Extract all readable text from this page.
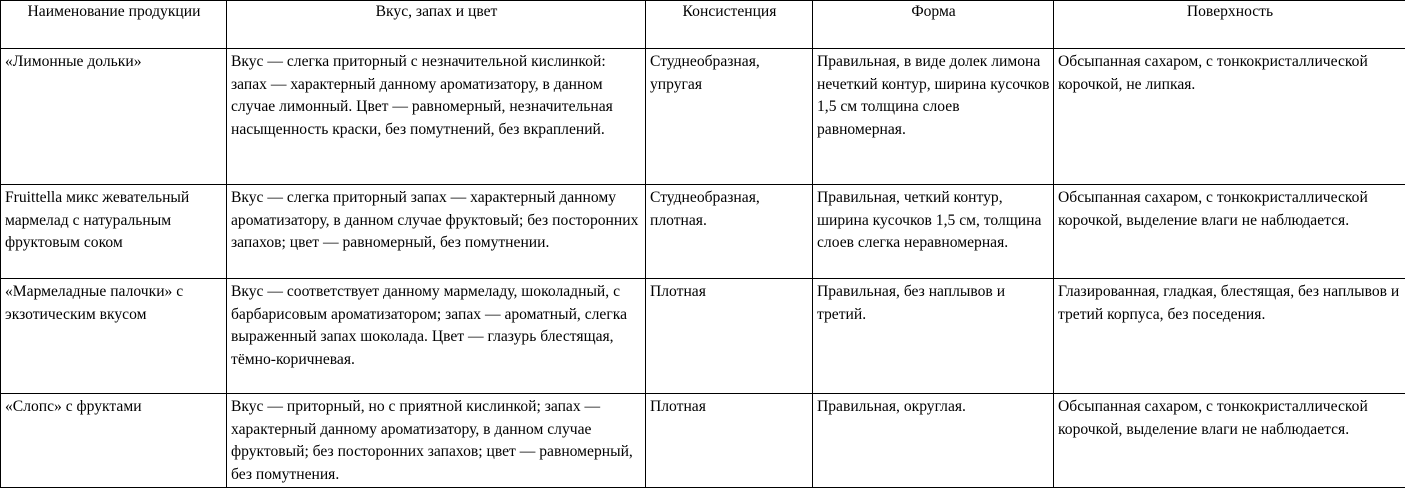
Наименование продукции	Вкус, запах и цвет	Консистенция	Форма	Поверхность
«Лимонные дольки»	Вкус — слегка приторный с незначительной кислинкой: запах — характерный данному ароматизатору, в данном случае лимонный. Цвет — равномерный, незначительная насыщенность краски, без помутнений, без вкраплений.	Студнеобразная, упругая	Правильная, в виде долек лимона нечеткий контур, ширина кусочков 1,5 см толщина слоев равномерная.	Обсыпанная сахаром, с тонкокристаллической корочкой, не липкая.
Fruittella микс жевательный мармелад с натуральным фруктовым соком	Вкус — слегка приторный запах — характерный данному ароматизатору, в данном случае фруктовый; без посторонних запахов; цвет — равномерный, без помутнении.	Студнеобразная, плотная.	Правильная, четкий контур, ширина кусочков 1,5 см, толщина слоев слегка неравномерная.	Обсыпанная сахаром, с тонкокристаллической корочкой, выделение влаги не наблюдается.
«Мармеладные палочки» с экзотическим вкусом	Вкус — соответствует данному мармеладу, шоколадный, с барбарисовым ароматизатором; запах — ароматный, слегка выраженный запах шоколада. Цвет — глазурь блестящая, тёмно-коричневая.	Плотная	Правильная, без наплывов и третий.	Глазированная, гладкая, блестящая, без наплывов и третий корпуса, без поседения.
«Слопс» с фруктами	Вкус — приторный, но с приятной кислинкой; запах — характерный данному ароматизатору, в данном случае фруктовый; без посторонних запахов; цвет — равномерный, без помутнения.	Плотная	Правильная, округлая.	Обсыпанная сахаром, с тонкокристаллической корочкой, выделение влаги не наблюдается.
